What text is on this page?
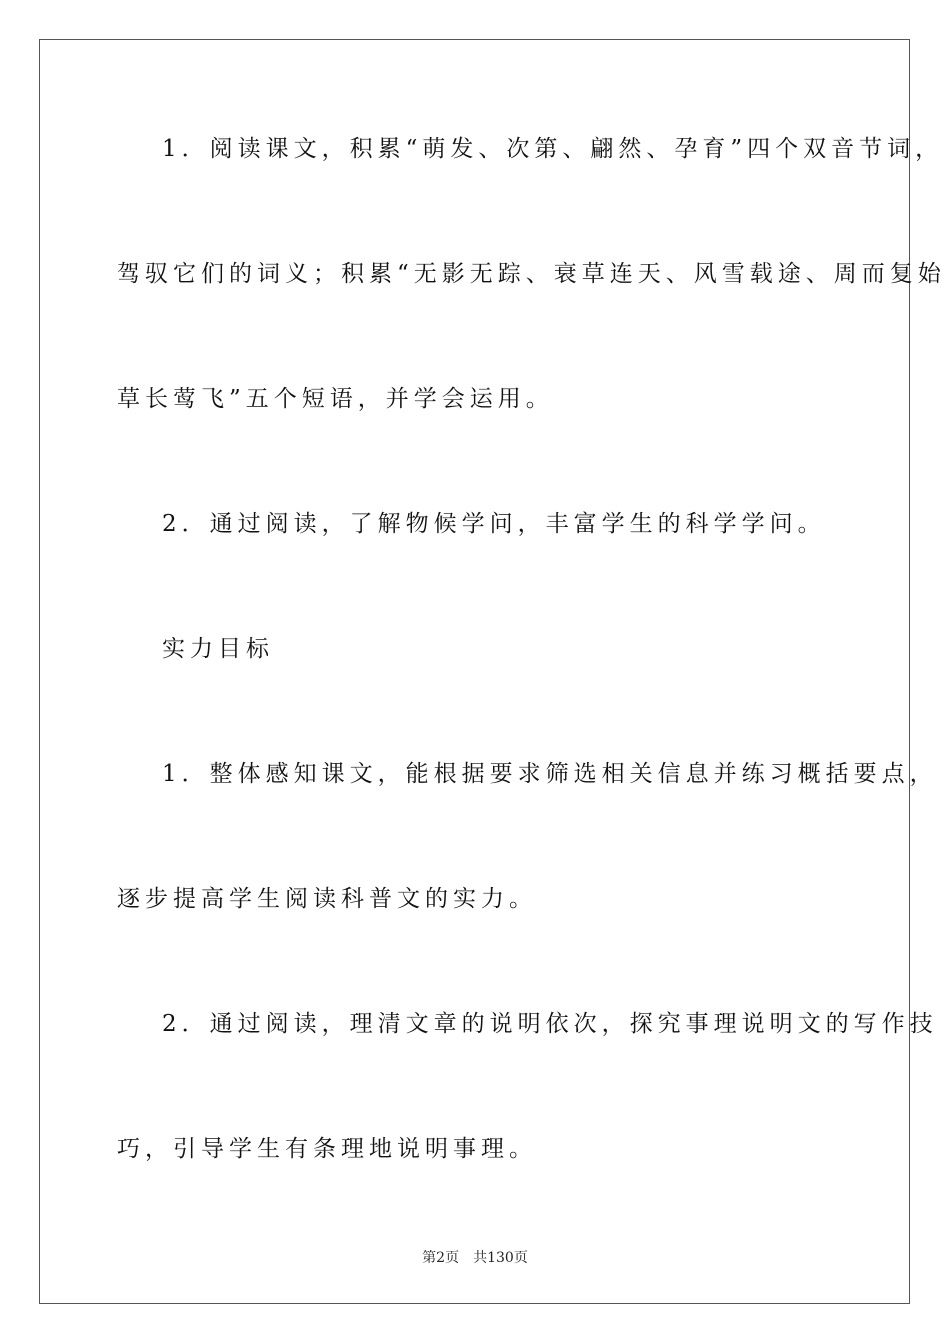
1．阅读课文，积累“萌发、次第、翩然、孕育”四个双音节词，
驾驭它们的词义；积累“无影无踪、衰草连天、风雪载途、周而复始
草长莺飞”五个短语，并学会运用。
2．通过阅读，了解物候学问，丰富学生的科学学问。
实力目标
1．整体感知课文，能根据要求筛选相关信息并练习概括要点，
逐步提高学生阅读科普文的实力。
2．通过阅读，理清文章的说明依次，探究事理说明文的写作技
巧，引导学生有条理地说明事理。
第2页 共130页
